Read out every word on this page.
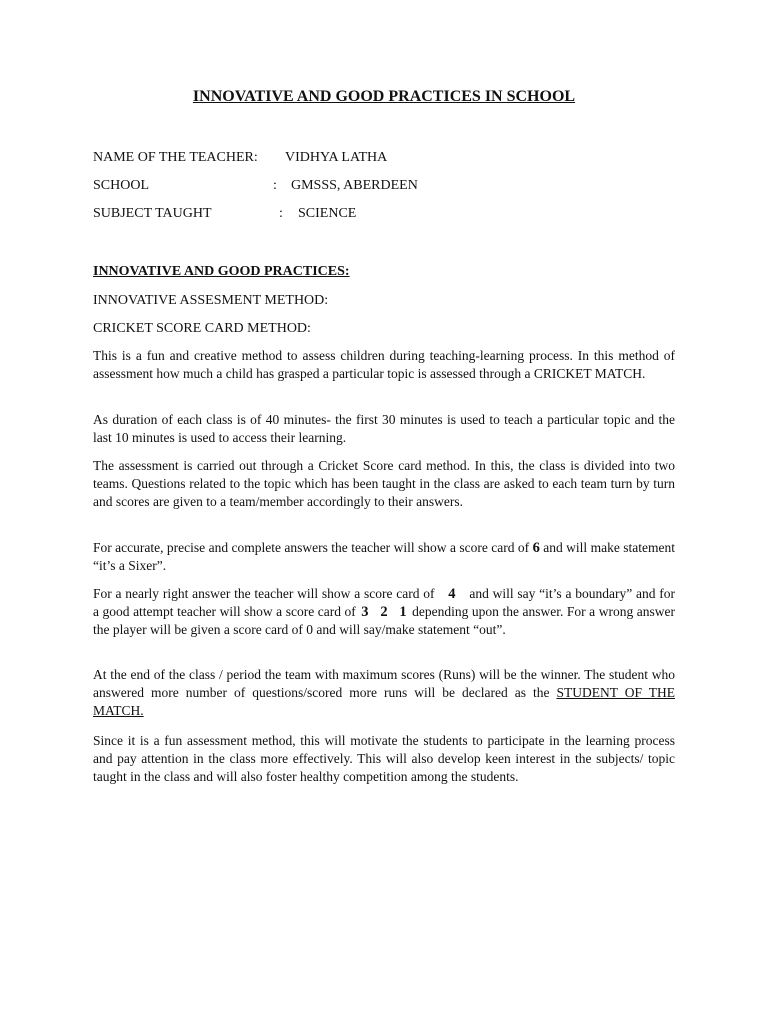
INNOVATIVE AND GOOD PRACTICES IN SCHOOL
NAME OF THE TEACHER: VIDHYA LATHA
SCHOOL	: GMSSS, ABERDEEN
SUBJECT TAUGHT	: SCIENCE
INNOVATIVE AND GOOD PRACTICES:
INNOVATIVE ASSESMENT METHOD:
CRICKET SCORE CARD METHOD:
This is a fun and creative method to assess children during teaching-learning process. In this method of assessment how much a child has grasped a particular topic is assessed through a CRICKET MATCH.
As duration of each class is of 40 minutes- the first 30 minutes is used to teach a particular topic and the last 10 minutes is used to access their learning.
The assessment is carried out through a Cricket Score card method. In this, the class is divided into two teams. Questions related to the topic which has been taught in the class are asked to each team turn by turn and scores are given to a team/member accordingly to their answers.
For accurate, precise and complete answers the teacher will show a score card of 6 and will make statement “it’s a Sixer”.
For a nearly right answer the teacher will show a score card of 4 and will say “it’s a boundary” and for a good attempt teacher will show a score card of 3 2 1 depending upon the answer. For a wrong answer the player will be given a score card of 0 and will say/make statement “out”.
At the end of the class / period the team with maximum scores (Runs) will be the winner. The student who answered more number of questions/scored more runs will be declared as the STUDENT OF THE MATCH.
Since it is a fun assessment method, this will motivate the students to participate in the learning process and pay attention in the class more effectively. This will also develop keen interest in the subjects/ topic taught in the class and will also foster healthy competition among the students.
